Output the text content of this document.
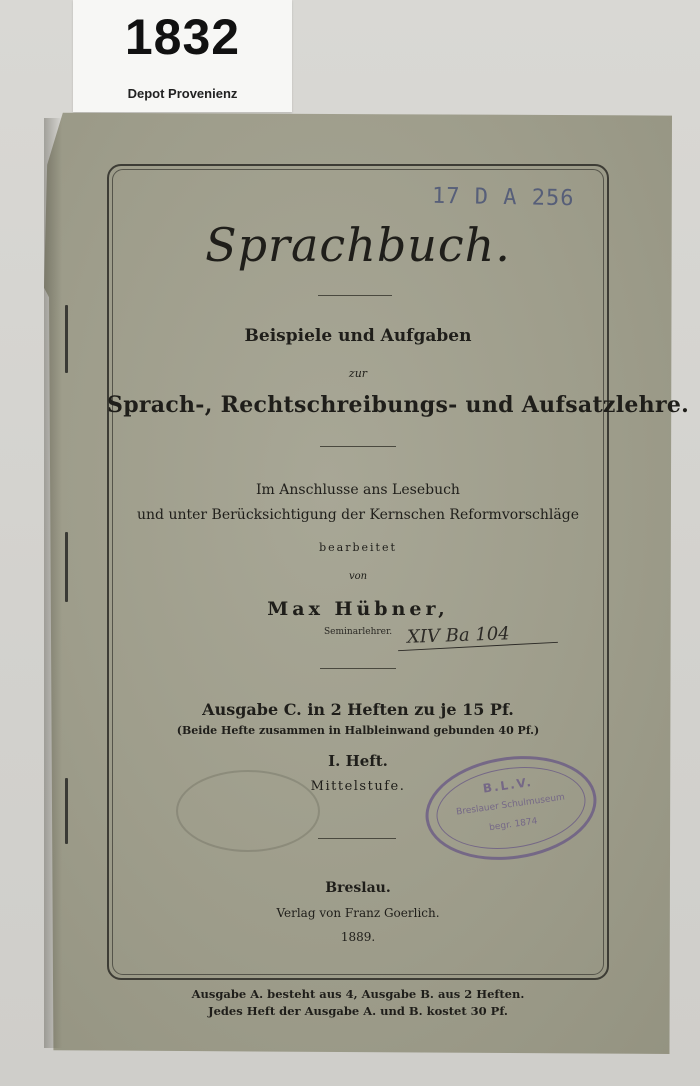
1832
Depot Provenienz
17 D A 256
Sprachbuch.
Beispiele und Aufgaben
zur
Sprach-, Rechtschreibungs- und Aufsatzlehre.
Im Anschlusse ans Lesebuch
und unter Berücksichtigung der Kernschen Reformvorschläge
bearbeitet
von
Max Hübner,
Seminarlehrer. XIV Ba 104
Ausgabe C. in 2 Heften zu je 15 Pf.
(Beide Hefte zusammen in Halbleinwand gebunden 40 Pf.)
I. Heft.
Mittelstufe.	B.L.V.
Breslauer Schulmuseum
begr. 1874
Breslau.
Verlag von Franz Goerlich.
1889.
Ausgabe A. besteht aus 4, Ausgabe B. aus 2 Heften.
Jedes Heft der Ausgabe A. und B. kostet 30 Pf.
